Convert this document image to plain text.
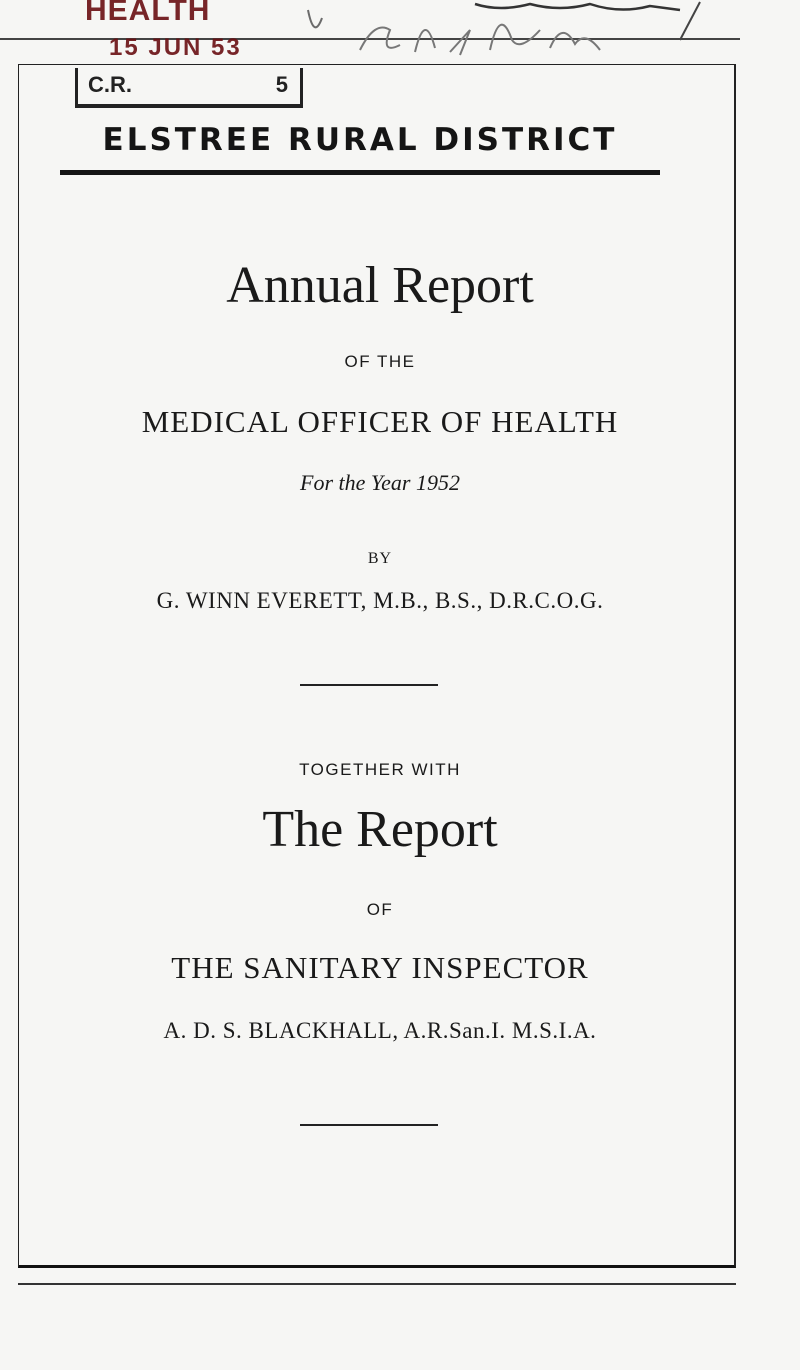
HEALTH
15 JUN 53
C.R.	5
ELSTREE RURAL DISTRICT
Annual Report
OF THE
MEDICAL OFFICER OF HEALTH
For the Year 1952
BY
G. WINN EVERETT, M.B., B.S., D.R.C.O.G.
TOGETHER WITH
The Report
OF
THE SANITARY INSPECTOR
A. D. S. BLACKHALL, A.R.San.I. M.S.I.A.
